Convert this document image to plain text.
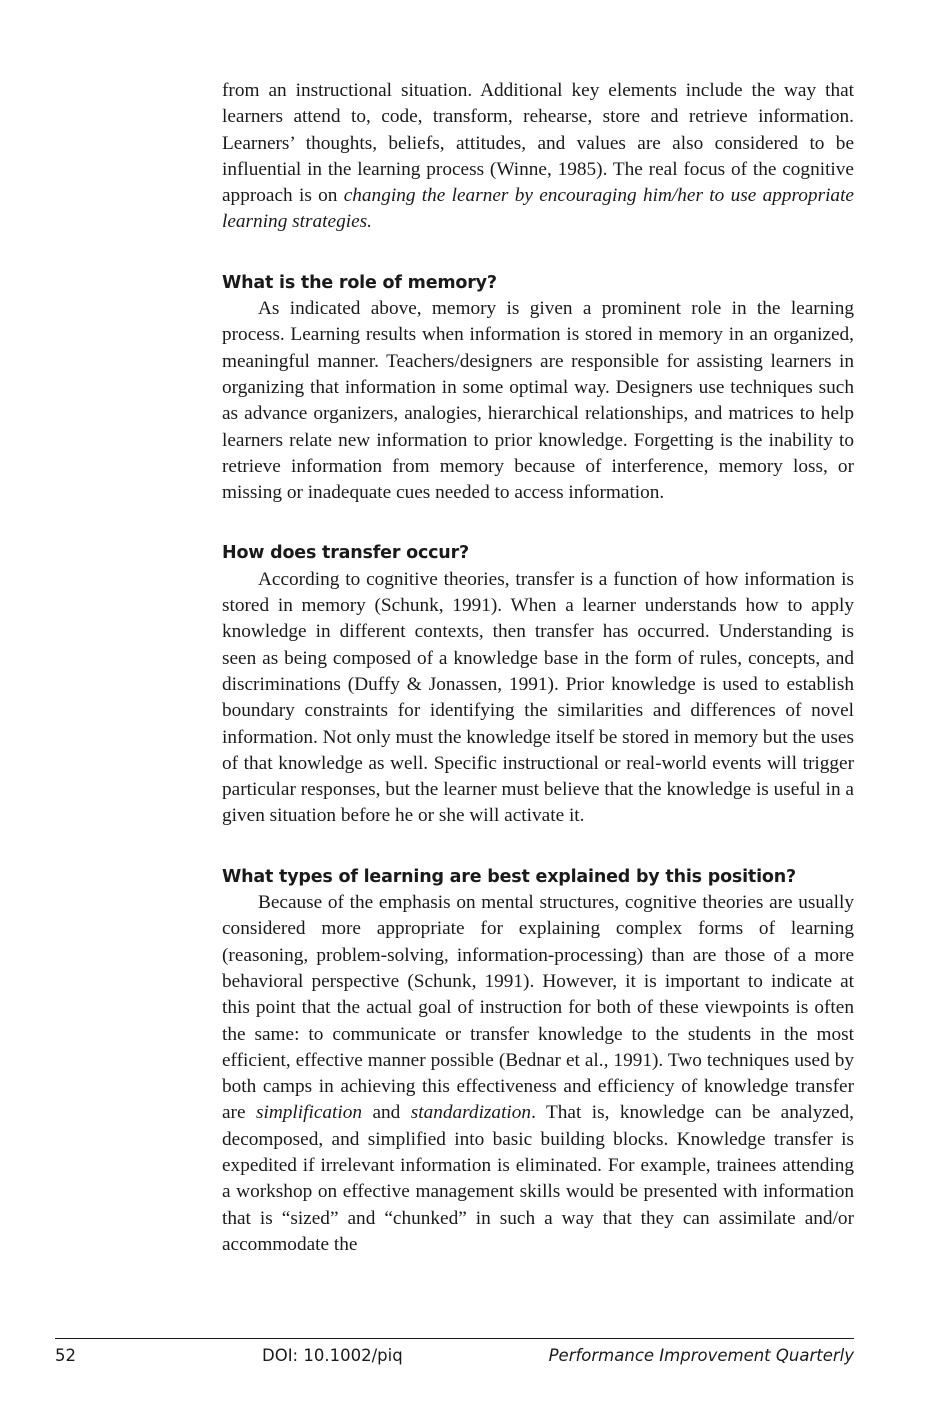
from an instructional situation. Additional key elements include the way that learners attend to, code, transform, rehearse, store and retrieve information. Learners’ thoughts, beliefs, attitudes, and values are also considered to be influential in the learning process (Winne, 1985). The real focus of the cognitive approach is on changing the learner by encouraging him/her to use appropriate learning strategies.

What is the role of memory?

As indicated above, memory is given a prominent role in the learning process. Learning results when information is stored in memory in an organized, meaningful manner. Teachers/designers are responsible for assisting learners in organizing that information in some optimal way. Designers use techniques such as advance organizers, analogies, hierarchical relationships, and matrices to help learners relate new information to prior knowledge. Forgetting is the inability to retrieve information from memory because of interference, memory loss, or missing or inadequate cues needed to access information.

How does transfer occur?

According to cognitive theories, transfer is a function of how information is stored in memory (Schunk, 1991). When a learner understands how to apply knowledge in different contexts, then transfer has occurred. Understanding is seen as being composed of a knowledge base in the form of rules, concepts, and discriminations (Duffy & Jonassen, 1991). Prior knowledge is used to establish boundary constraints for identifying the similarities and differences of novel information. Not only must the knowledge itself be stored in memory but the uses of that knowledge as well. Specific instructional or real-world events will trigger particular responses, but the learner must believe that the knowledge is useful in a given situation before he or she will activate it.

What types of learning are best explained by this position?

Because of the emphasis on mental structures, cognitive theories are usually considered more appropriate for explaining complex forms of learning (reasoning, problem-solving, information-processing) than are those of a more behavioral perspective (Schunk, 1991). However, it is important to indicate at this point that the actual goal of instruction for both of these viewpoints is often the same: to communicate or transfer knowledge to the students in the most efficient, effective manner possible (Bednar et al., 1991). Two techniques used by both camps in achieving this effectiveness and efficiency of knowledge transfer are simplification and standardization. That is, knowledge can be analyzed, decomposed, and simplified into basic building blocks. Knowledge transfer is expedited if irrelevant information is eliminated. For example, trainees attending a workshop on effective management skills would be presented with information that is “sized” and “chunked” in such a way that they can assimilate and/or accommodate the

52	DOI: 10.1002/piq	Performance Improvement Quarterly
